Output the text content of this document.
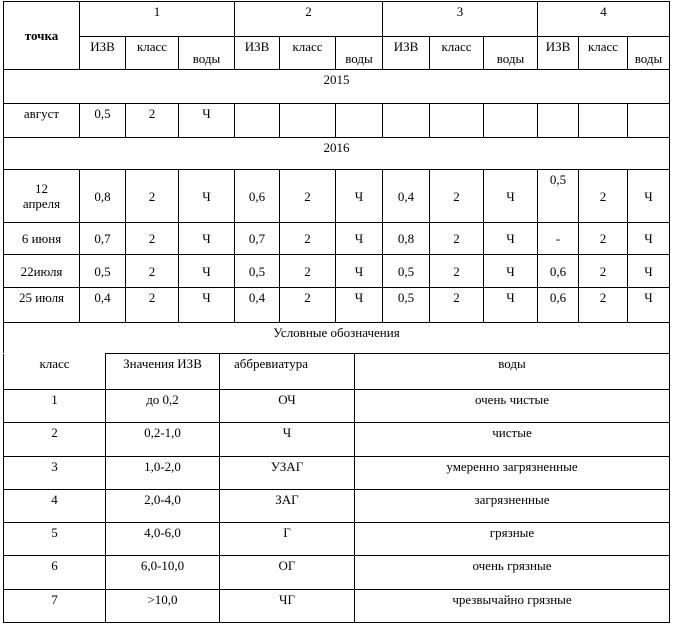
точка	1			2			3			4		
	ИЗВ	класс	воды	ИЗВ	класс	воды	ИЗВ	класс	воды	ИЗВ	класс	воды
2015												
август	0,5	2	Ч									
2016												
12 апреля	0,8	2	Ч	0,6	2	Ч	0,4	2	Ч	0,5	2	Ч
6 июня	0,7	2	Ч	0,7	2	Ч	0,8	2	Ч	-	2	Ч
22июля	0,5	2	Ч	0,5	2	Ч	0,5	2	Ч	0,6	2	Ч
25 июля	0,4	2	Ч	0,4	2	Ч	0,5	2	Ч	0,6	2	Ч
Условные обозначения												
класс	Значения ИЗВ	аббревиатура	воды
1	до 0,2	ОЧ	очень чистые
2	0,2-1,0	Ч	чистые
3	1,0-2,0	УЗАГ	умеренно загрязненные
4	2,0-4,0	ЗАГ	загрязненные
5	4,0-6,0	Г	грязные
6	6,0-10,0	ОГ	очень грязные
7	>10,0	ЧГ	чрезвычайно грязные
